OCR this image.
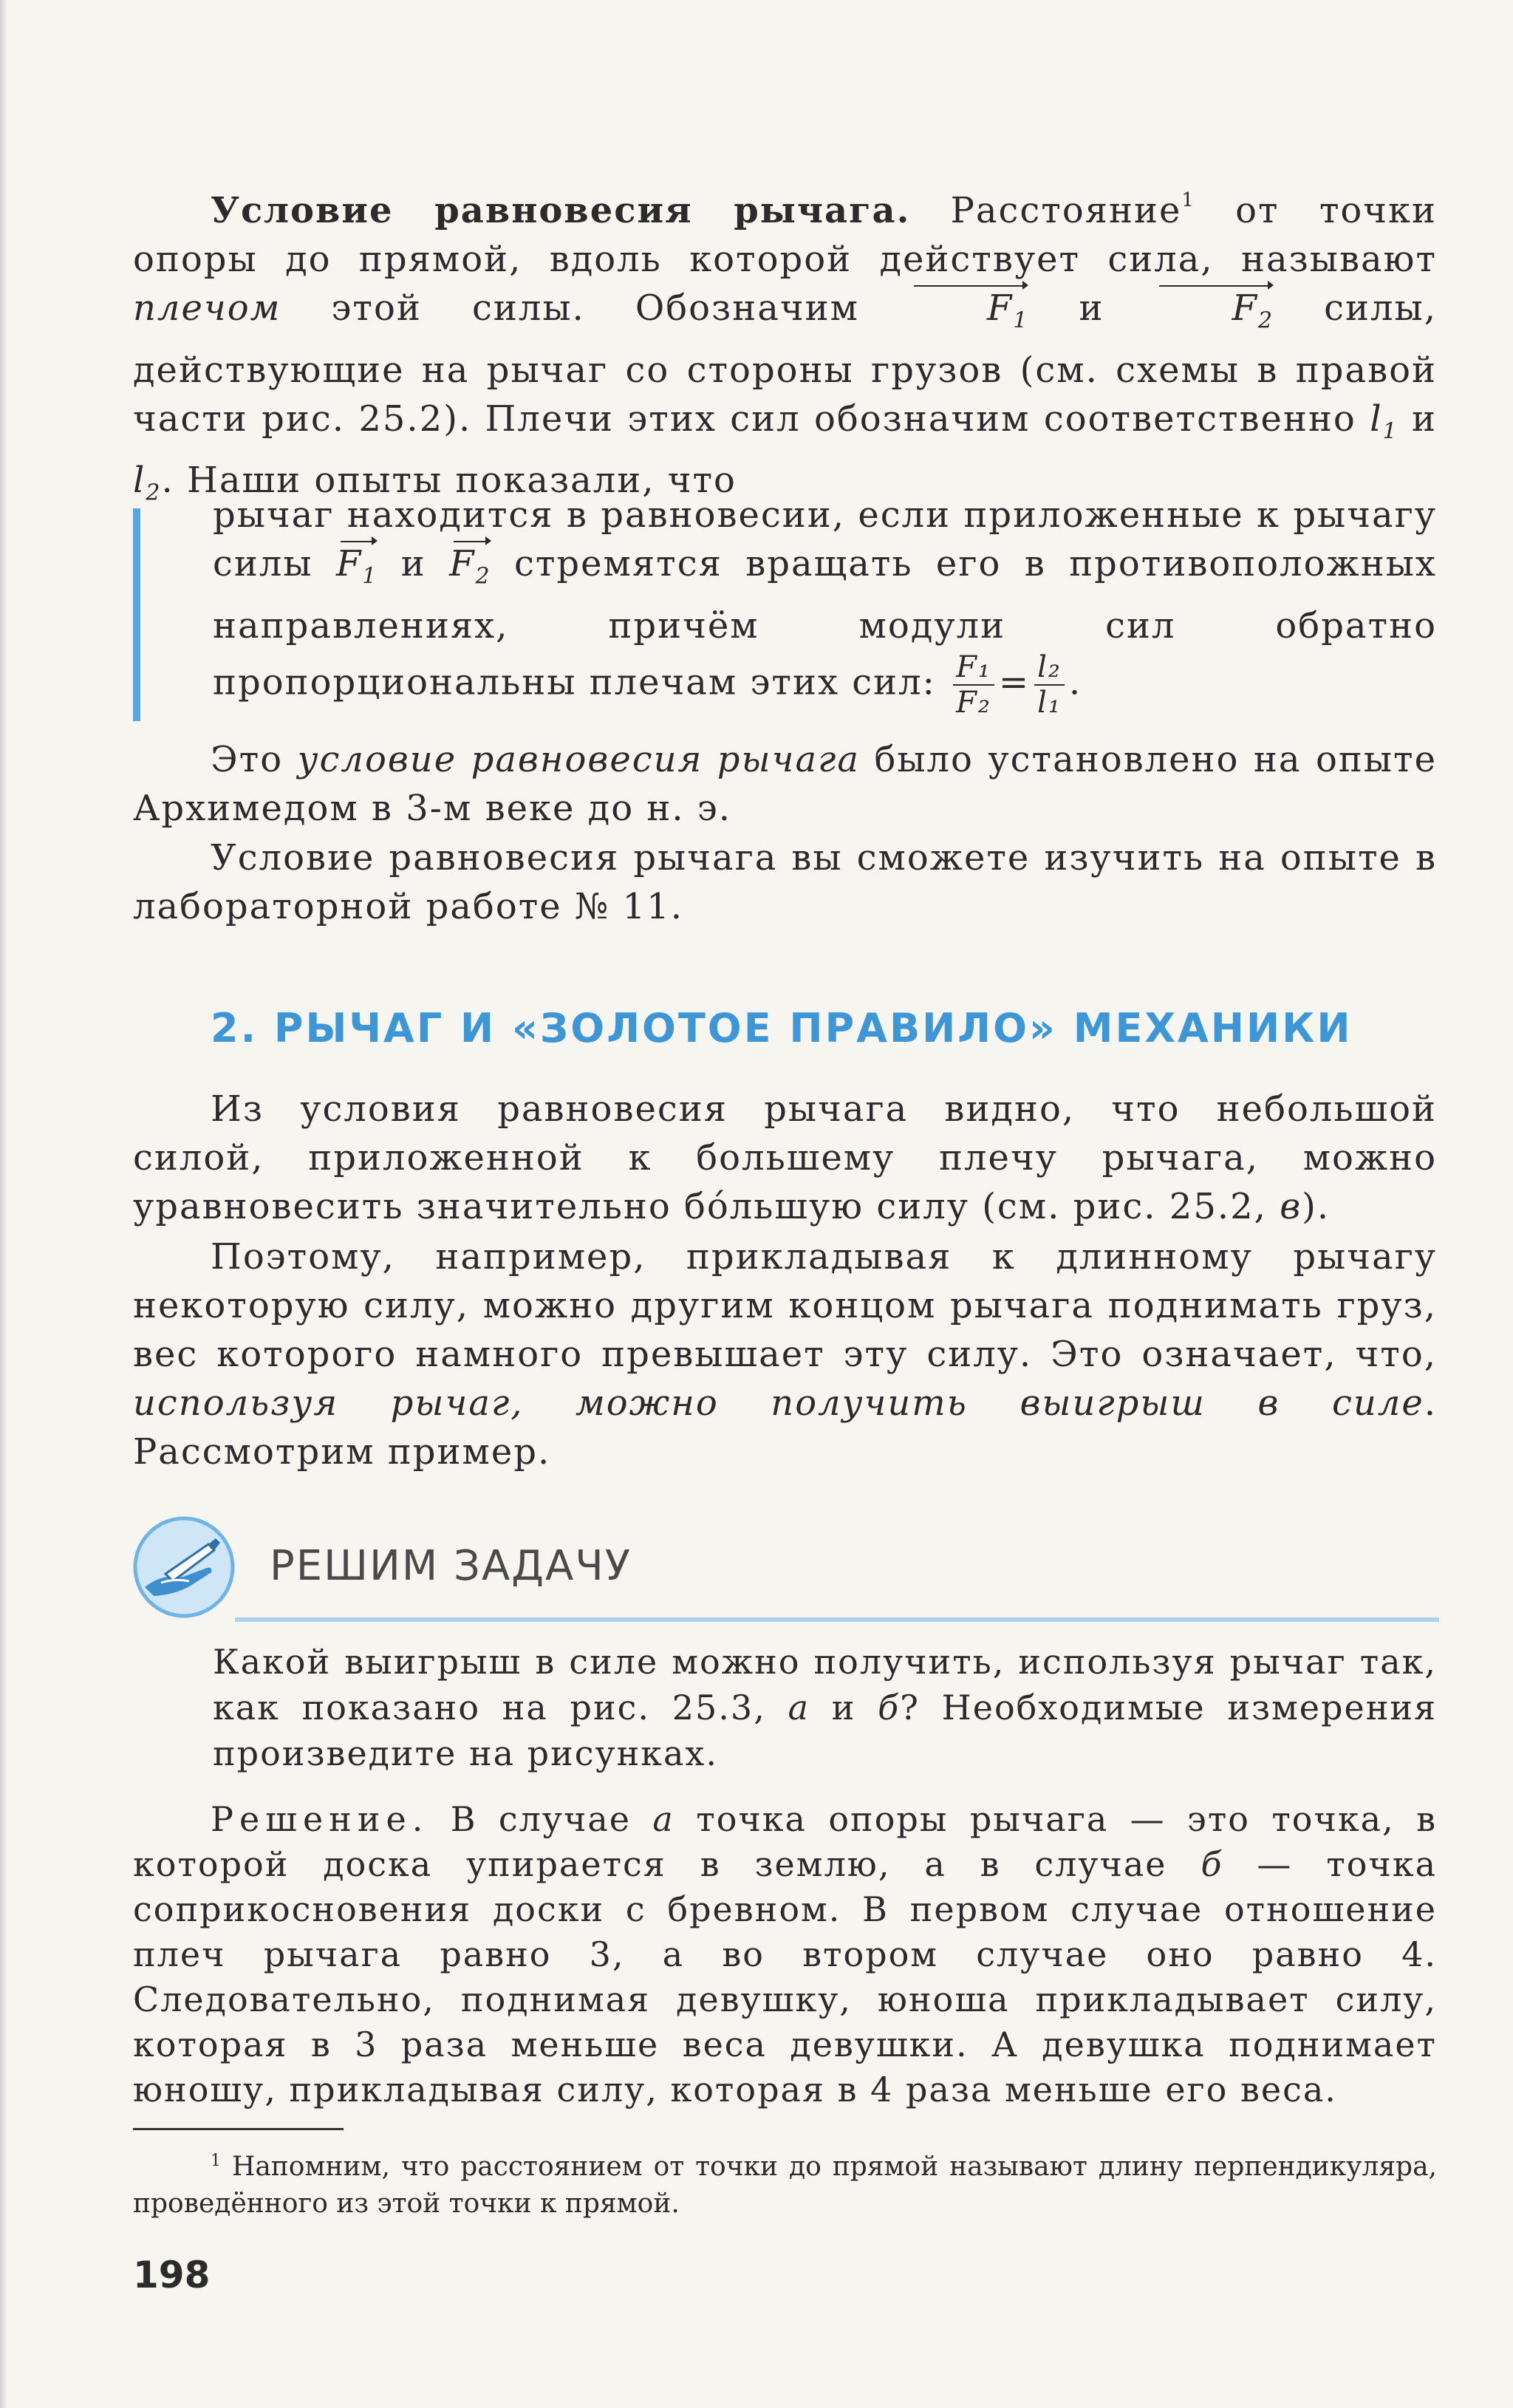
Условие равновесия рычага. Расстояние$^1$ от точки опоры до прямой, вдоль которой действует сила, называют плечом этой силы. Обозначим	$F_1$ и	$F_2$ силы, действующие на рычаг со стороны грузов (см. схемы в правой части рис. 25.2). Плечи этих сил обозначим соответственно $l_1$ и $l_2$. Наши опыты показали, что

рычаг находится в равновесии, если приложенные к рычагу силы $F_1$ и $F_2$ стремятся вращать его в противоположных направлениях, причём модули сил обратно пропорциональны плечам этих сил: $\frac{\text{F₁}}{\text{F₂}} = \frac{\text{l₂}}{\text{l₁}}$ .

Это условие равновесия рычага было установлено на опыте Архимедом в 3-м веке до н. э.

Условие равновесия рычага вы сможете изучить на опыте в лабораторной работе № 11.

2. РЫЧАГ И «ЗОЛОТОЕ ПРАВИЛО» МЕХАНИКИ

Из условия равновесия рычага видно, что небольшой силой, приложенной к большему плечу рычага, можно уравновесить значительно бóльшую силу (см. рис. 25.2, в).

Поэтому, например, прикладывая к длинному рычагу некоторую силу, можно другим концом рычага поднимать груз, вес которого намного превышает эту силу. Это означает, что, используя рычаг, можно получить выигрыш в силе. Рассмотрим пример.

РЕШИМ ЗАДАЧУ

Какой выигрыш в силе можно получить, используя рычаг так, как показано на рис. 25.3, а и б? Необходимые измерения произведите на рисунках.

Решение. В случае а точка опоры рычага — это точка, в которой доска упирается в землю, а в случае б — точка соприкосновения доски с бревном. В первом случае отношение плеч рычага равно 3, а во втором случае оно равно 4. Следовательно, поднимая девушку, юноша прикладывает силу, которая в 3 раза меньше веса девушки. А девушка поднимает юношу, прикладывая силу, которая в 4 раза меньше его веса.

$^1$ Напомним, что расстоянием от точки до прямой называют длину перпендикуляра, проведённого из этой точки к прямой.

198
